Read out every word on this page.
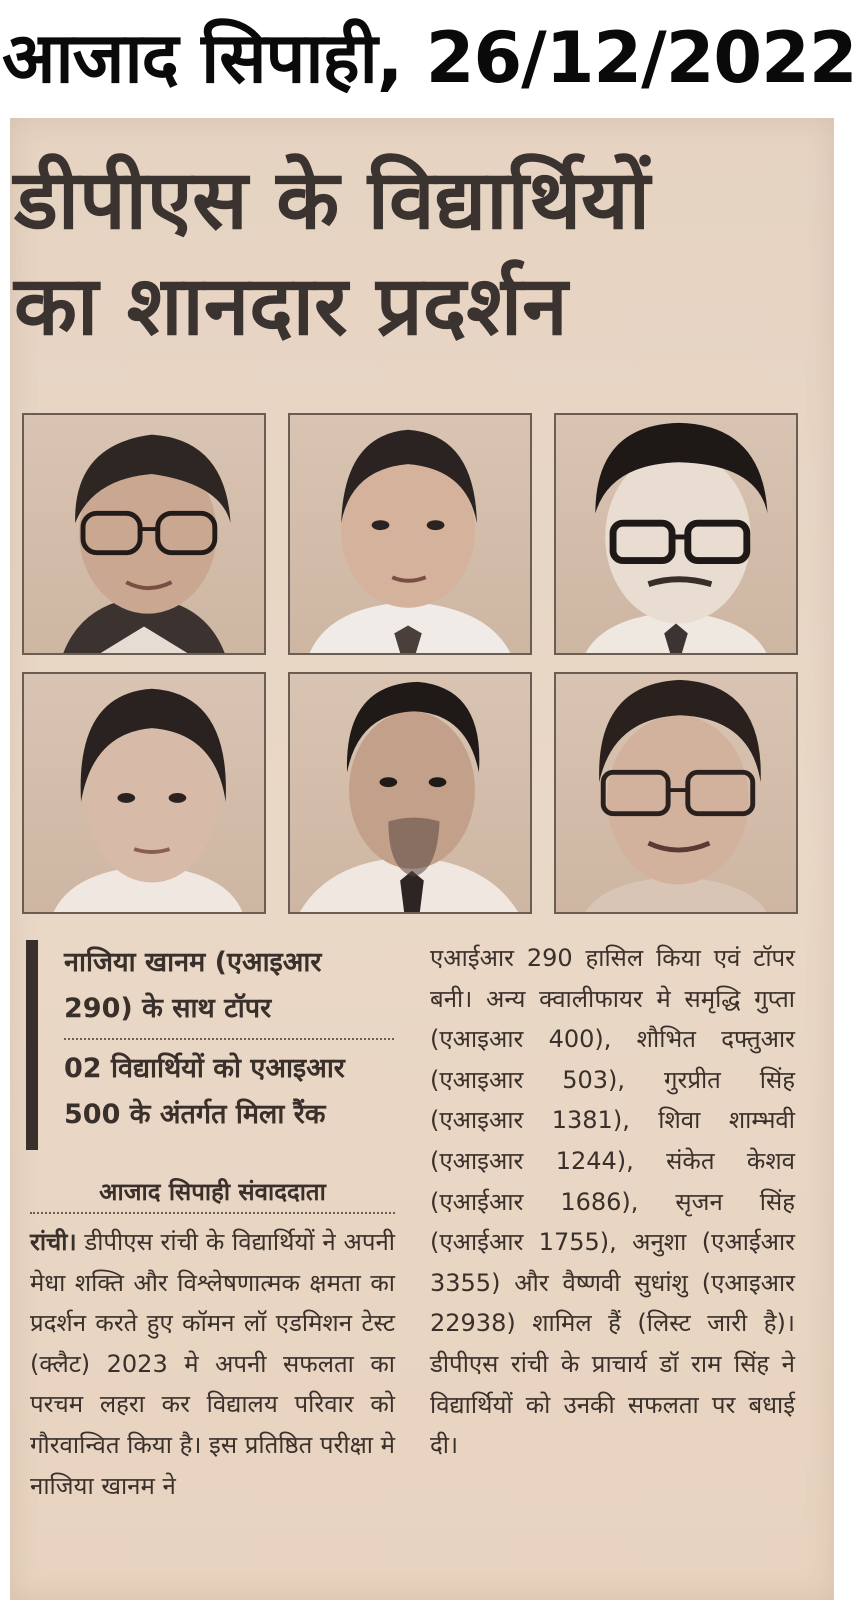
आजाद सिपाही, 26/12/2022
डीपीएस के विद्यार्थियों
का शानदार प्रदर्शन

नाजिया खानम (एआइआर 290) के साथ टॉपर

02 विद्यार्थियों को एआइआर 500 के अंतर्गत मिला रैंक

आजाद सिपाही संवाददाता
रांची। डीपीएस रांची के विद्यार्थियों ने अपनी मेधा शक्ति और विश्लेषणात्मक क्षमता का प्रदर्शन करते हुए कॉमन लॉ एडमिशन टेस्ट (क्लैट) 2023 मे अपनी सफलता का परचम लहरा कर विद्यालय परिवार को गौरवान्वित किया है। इस प्रतिष्ठित परीक्षा मे नाजिया खानम ने
एआईआर 290 हासिल किया एवं टॉपर बनी। अन्य क्वालीफायर मे समृद्धि गुप्ता (एआइआर 400), शौभित दफ्तुआर (एआइआर 503), गुरप्रीत सिंह (एआइआर 1381), शिवा शाम्भवी (एआइआर 1244), संकेत केशव (एआईआर 1686), सृजन सिंह (एआईआर 1755), अनुशा (एआईआर 3355) और वैष्णवी सुधांशु (एआइआर 22938) शामिल हैं (लिस्ट जारी है)। डीपीएस रांची के प्राचार्य डॉ राम सिंह ने विद्यार्थियों को उनकी सफलता पर बधाई दी।
